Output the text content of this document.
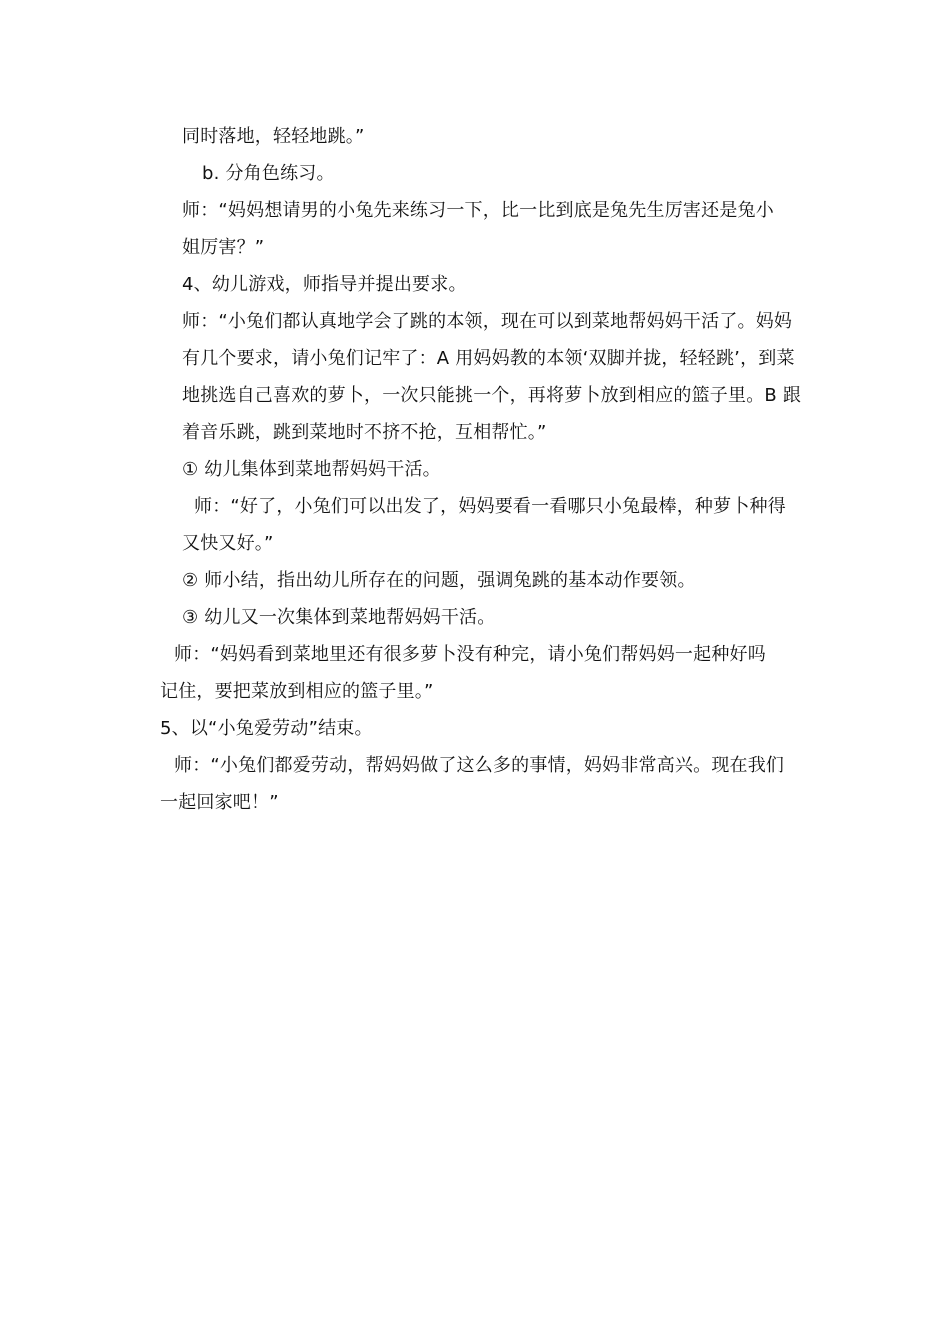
同时落地，轻轻地跳。”
b. 分角色练习。
师：“妈妈想请男的小兔先来练习一下，比一比到底是兔先生厉害还是兔小
姐厉害？”
4、幼儿游戏，师指导并提出要求。
师：“小兔们都认真地学会了跳的本领，现在可以到菜地帮妈妈干活了。妈妈
有几个要求，请小兔们记牢了：A 用妈妈教的本领‘双脚并拢，轻轻跳’，到菜
地挑选自己喜欢的萝卜，一次只能挑一个，再将萝卜放到相应的篮子里。B 跟
着音乐跳，跳到菜地时不挤不抢，互相帮忙。”
① 幼儿集体到菜地帮妈妈干活。
师：“好了，小兔们可以出发了，妈妈要看一看哪只小兔最棒，种萝卜种得
又快又好。”
② 师小结，指出幼儿所存在的问题，强调兔跳的基本动作要领。
③ 幼儿又一次集体到菜地帮妈妈干活。
师：“妈妈看到菜地里还有很多萝卜没有种完，请小兔们帮妈妈一起种好吗
记住，要把菜放到相应的篮子里。”
5、以“小兔爱劳动”结束。
师：“小兔们都爱劳动，帮妈妈做了这么多的事情，妈妈非常高兴。现在我们
一起回家吧！”
